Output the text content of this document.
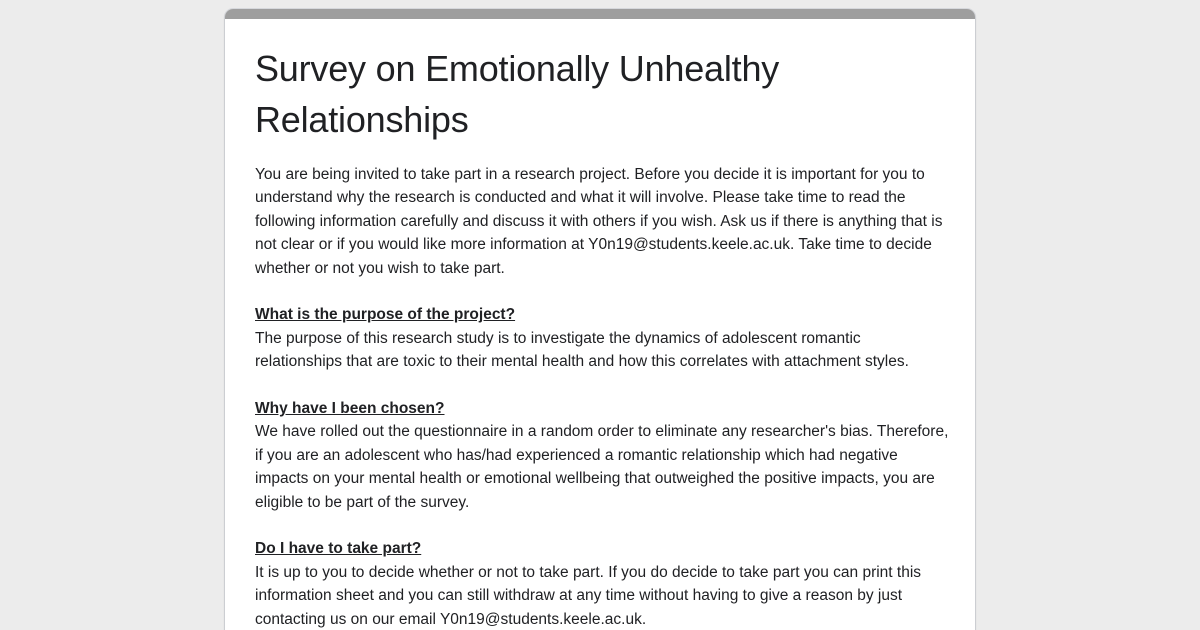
Survey on Emotionally Unhealthy Relationships

You are being invited to take part in a research project. Before you decide it is important for you to understand why the research is conducted and what it will involve. Please take time to read the following information carefully and discuss it with others if you wish. Ask us if there is anything that is not clear or if you would like more information at Y0n19@students.keele.ac.uk. Take time to decide whether or not you wish to take part.

What is the purpose of the project?

The purpose of this research study is to investigate the dynamics of adolescent romantic relationships that are toxic to their mental health and how this correlates with attachment styles.

Why have I been chosen?

We have rolled out the questionnaire in a random order to eliminate any researcher's bias. Therefore, if you are an adolescent who has/had experienced a romantic relationship which had negative impacts on your mental health or emotional wellbeing that outweighed the positive impacts, you are eligible to be part of the survey.

Do I have to take part?

It is up to you to decide whether or not to take part. If you do decide to take part you can print this information sheet and you can still withdraw at any time without having to give a reason by just contacting us on our email Y0n19@students.keele.ac.uk.
